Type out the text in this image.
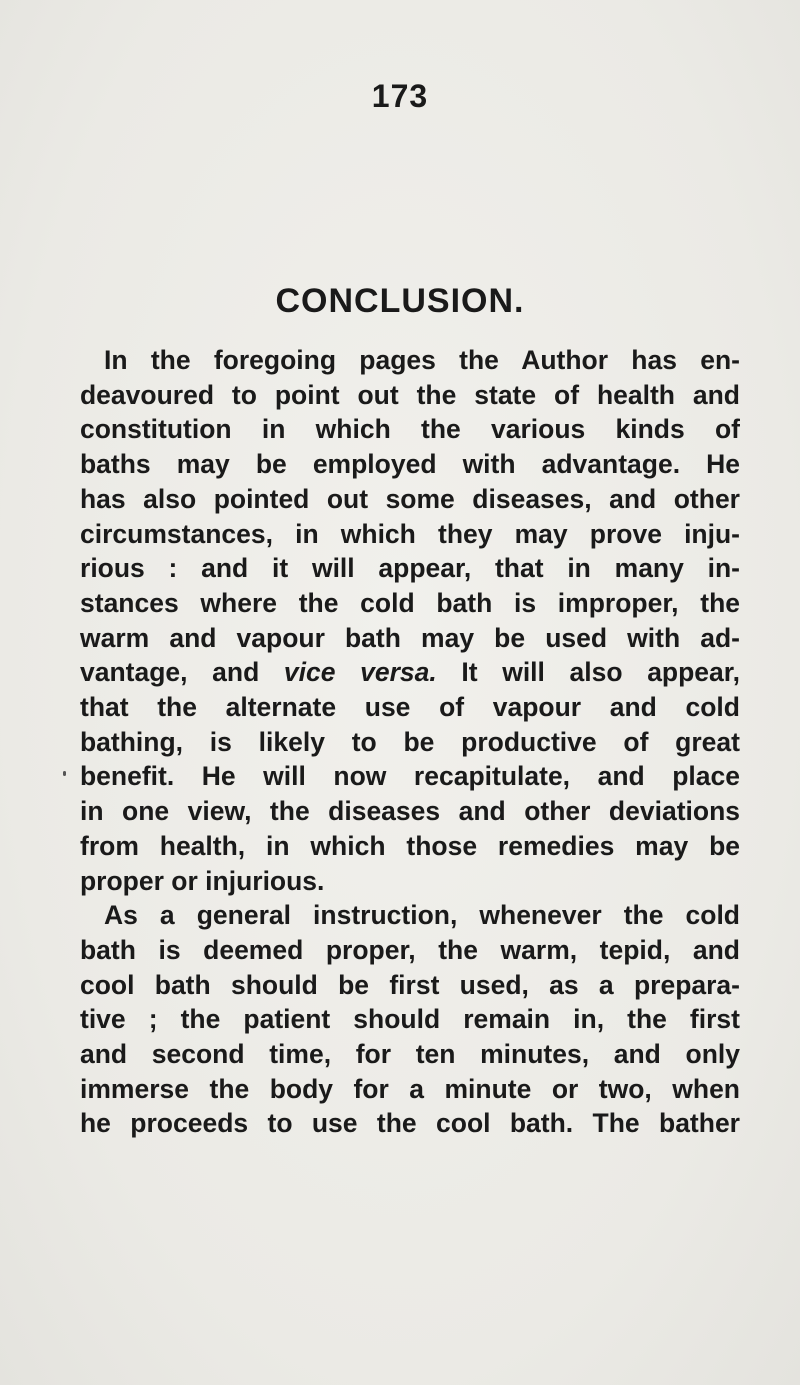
173
CONCLUSION.
In the foregoing pages the Author has en-
deavoured to point out the state of health and
constitution in which the various kinds of
baths may be employed with advantage. He
has also pointed out some diseases, and other
circumstances, in which they may prove inju-
rious : and it will appear, that in many in-
stances where the cold bath is improper, the
warm and vapour bath may be used with ad-
vantage, and vice versa. It will also appear,
that the alternate use of vapour and cold
bathing, is likely to be productive of great
benefit. He will now recapitulate, and place
in one view, the diseases and other deviations
from health, in which those remedies may be
proper or injurious.
As a general instruction, whenever the cold
bath is deemed proper, the warm, tepid, and
cool bath should be first used, as a prepara-
tive ; the patient should remain in, the first
and second time, for ten minutes, and only
immerse the body for a minute or two, when
he proceeds to use the cool bath. The bather
